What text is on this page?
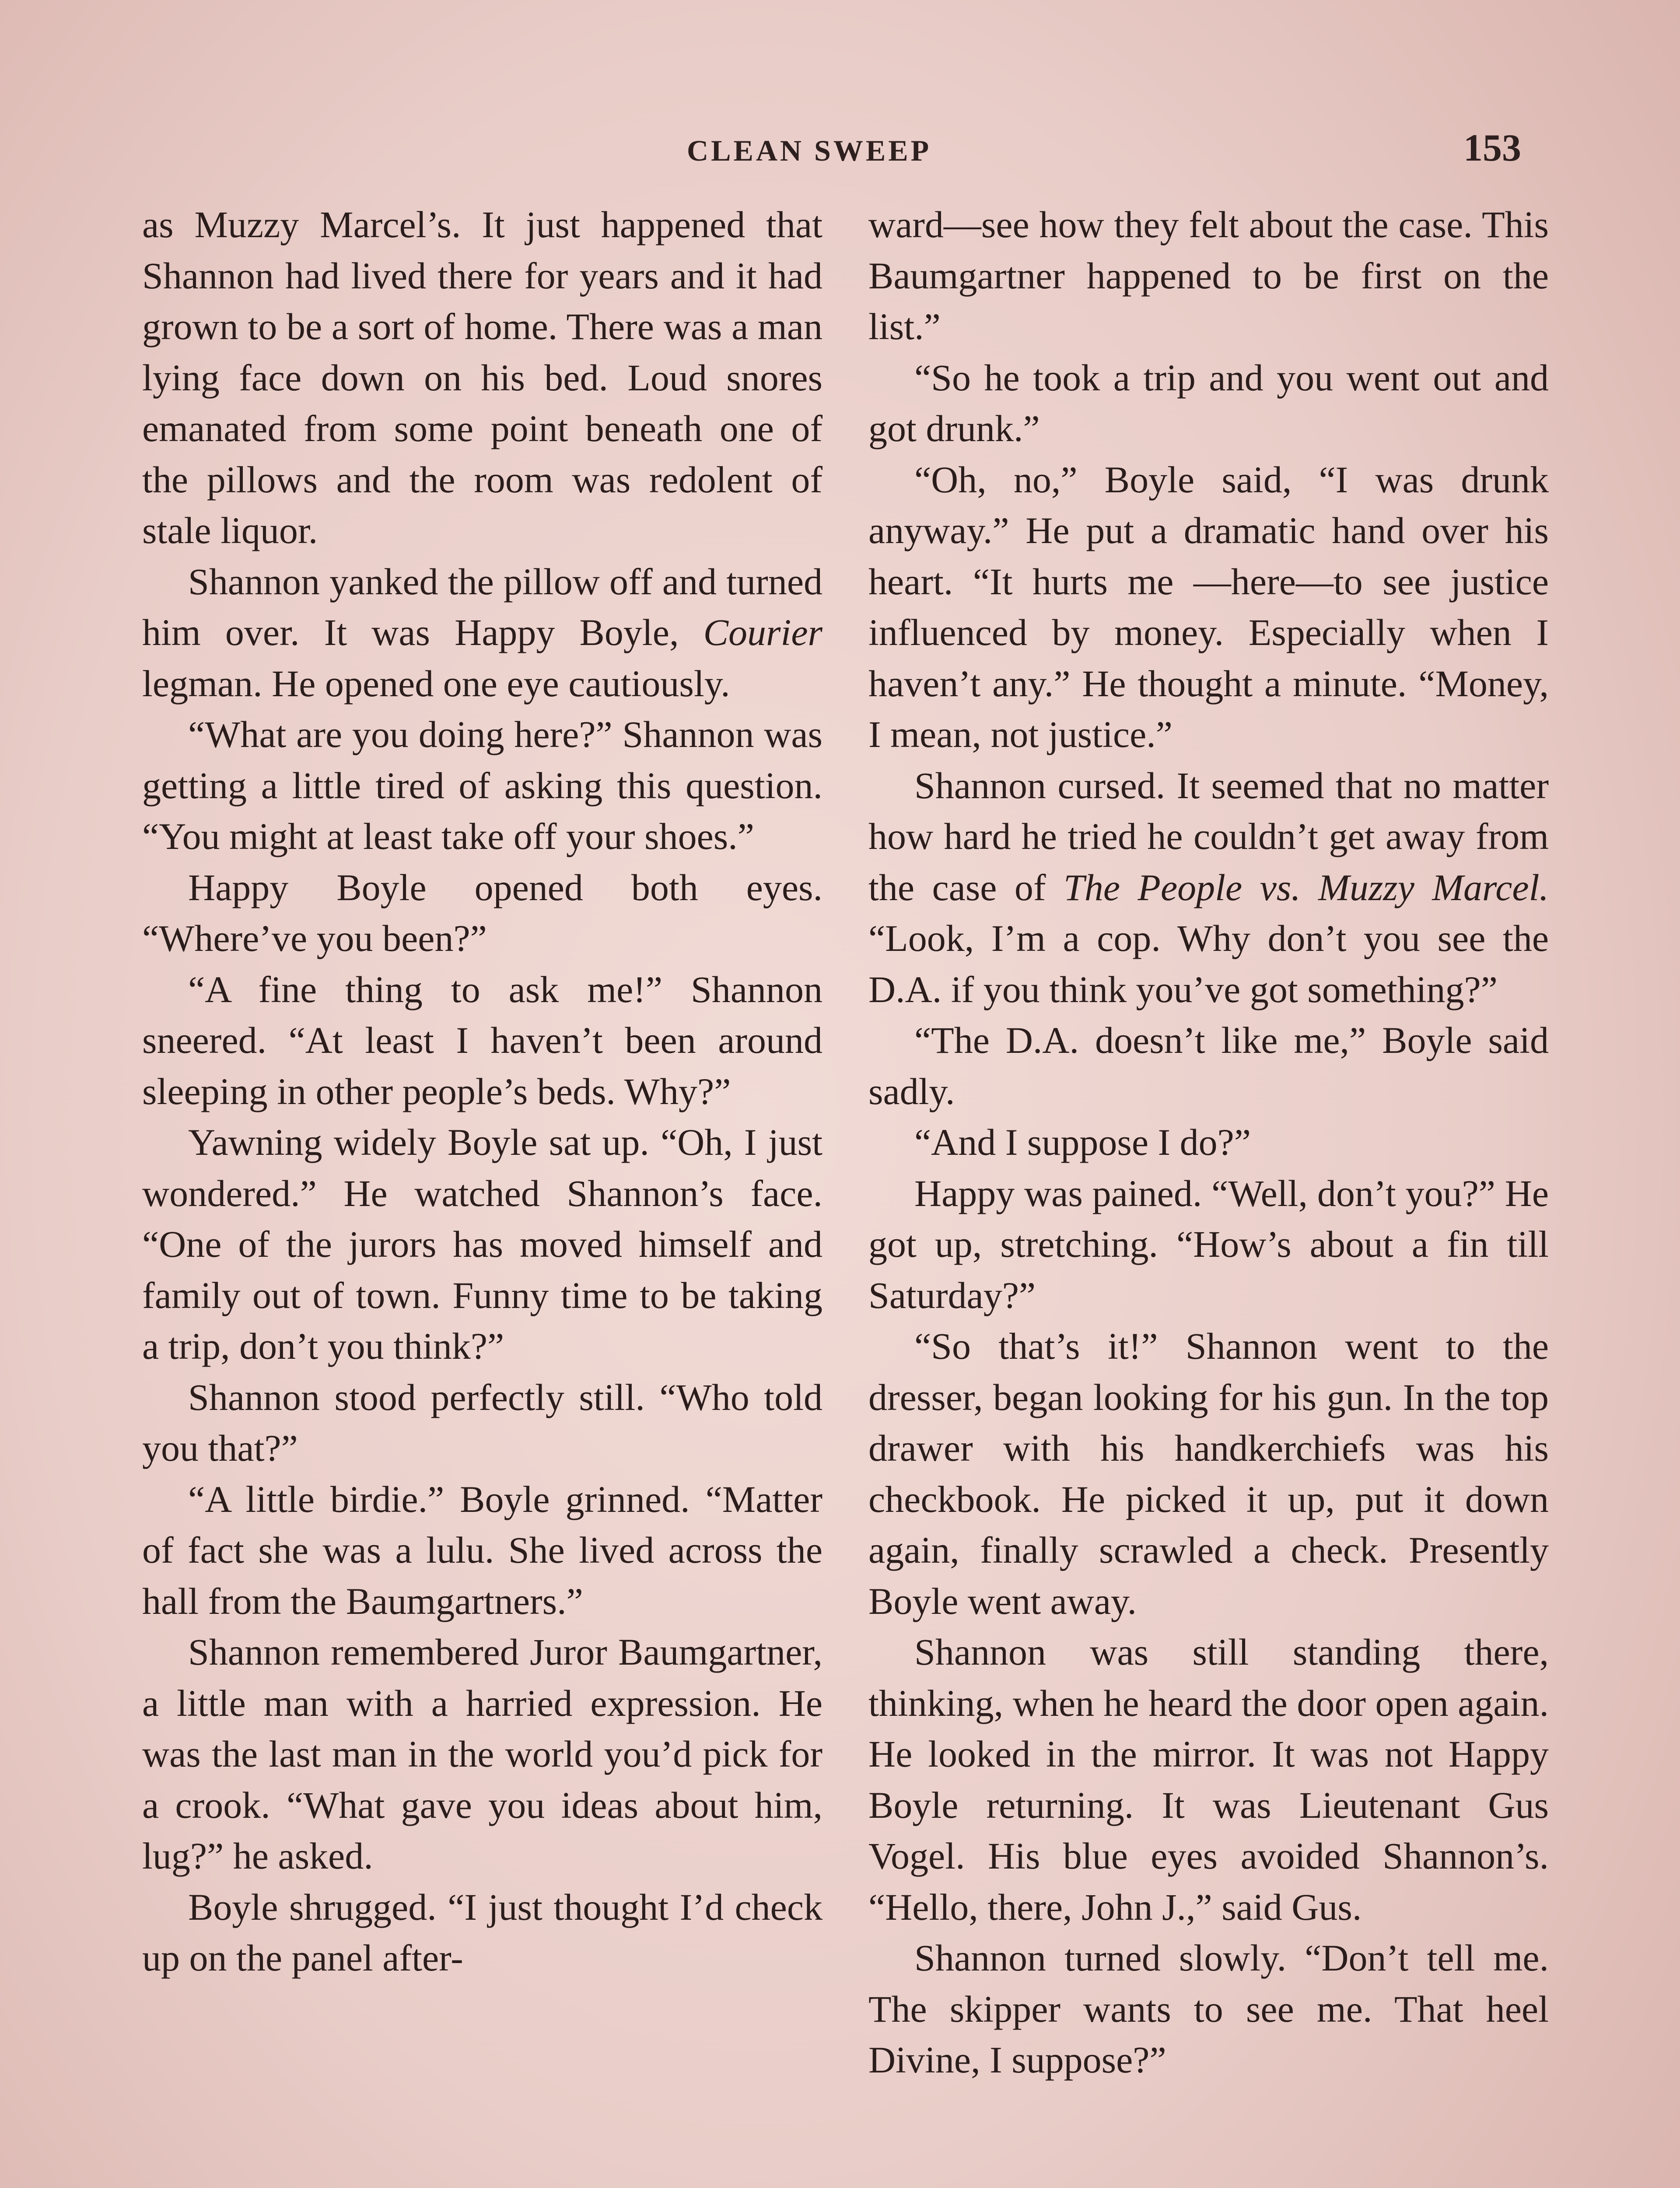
CLEAN SWEEP	153

as Muzzy Marcel’s. It just happened that Shannon had lived there for years and it had grown to be a sort of home. There was a man lying face down on his bed. Loud snores emanated from some point beneath one of the pillows and the room was redolent of stale liquor.

Shannon yanked the pillow off and turned him over. It was Happy Boyle, Courier legman. He opened one eye cautiously.

“What are you doing here?” Shannon was getting a little tired of asking this question. “You might at least take off your shoes.”

Happy Boyle opened both eyes. “Where’ve you been?”

“A fine thing to ask me!” Shannon sneered. “At least I haven’t been around sleeping in other people’s beds. Why?”

Yawning widely Boyle sat up. “Oh, I just wondered.” He watched Shannon’s face. “One of the jurors has moved himself and family out of town. Funny time to be taking a trip, don’t you think?”

Shannon stood perfectly still. “Who told you that?”

“A little birdie.” Boyle grinned. “Matter of fact she was a lulu. She lived across the hall from the Baumgartners.”

Shannon remembered Juror Baumgartner, a little man with a harried expression. He was the last man in the world you’d pick for a crook. “What gave you ideas about him, lug?” he asked.

Boyle shrugged. “I just thought I’d check up on the panel after-

ward—see how they felt about the case. This Baumgartner happened to be first on the list.”

“So he took a trip and you went out and got drunk.”

“Oh, no,” Boyle said, “I was drunk anyway.” He put a dramatic hand over his heart. “It hurts me —here—to see justice influenced by money. Especially when I haven’t any.” He thought a minute. “Money, I mean, not justice.”

Shannon cursed. It seemed that no matter how hard he tried he couldn’t get away from the case of The People vs. Muzzy Marcel. “Look, I’m a cop. Why don’t you see the D.A. if you think you’ve got something?”

“The D.A. doesn’t like me,” Boyle said sadly.

“And I suppose I do?”

Happy was pained. “Well, don’t you?” He got up, stretching. “How’s about a fin till Saturday?”

“So that’s it!” Shannon went to the dresser, began looking for his gun. In the top drawer with his handkerchiefs was his checkbook. He picked it up, put it down again, finally scrawled a check. Presently Boyle went away.

Shannon was still standing there, thinking, when he heard the door open again. He looked in the mirror. It was not Happy Boyle returning. It was Lieutenant Gus Vogel. His blue eyes avoided Shannon’s. “Hello, there, John J.,” said Gus.

Shannon turned slowly. “Don’t tell me. The skipper wants to see me. That heel Divine, I suppose?”
